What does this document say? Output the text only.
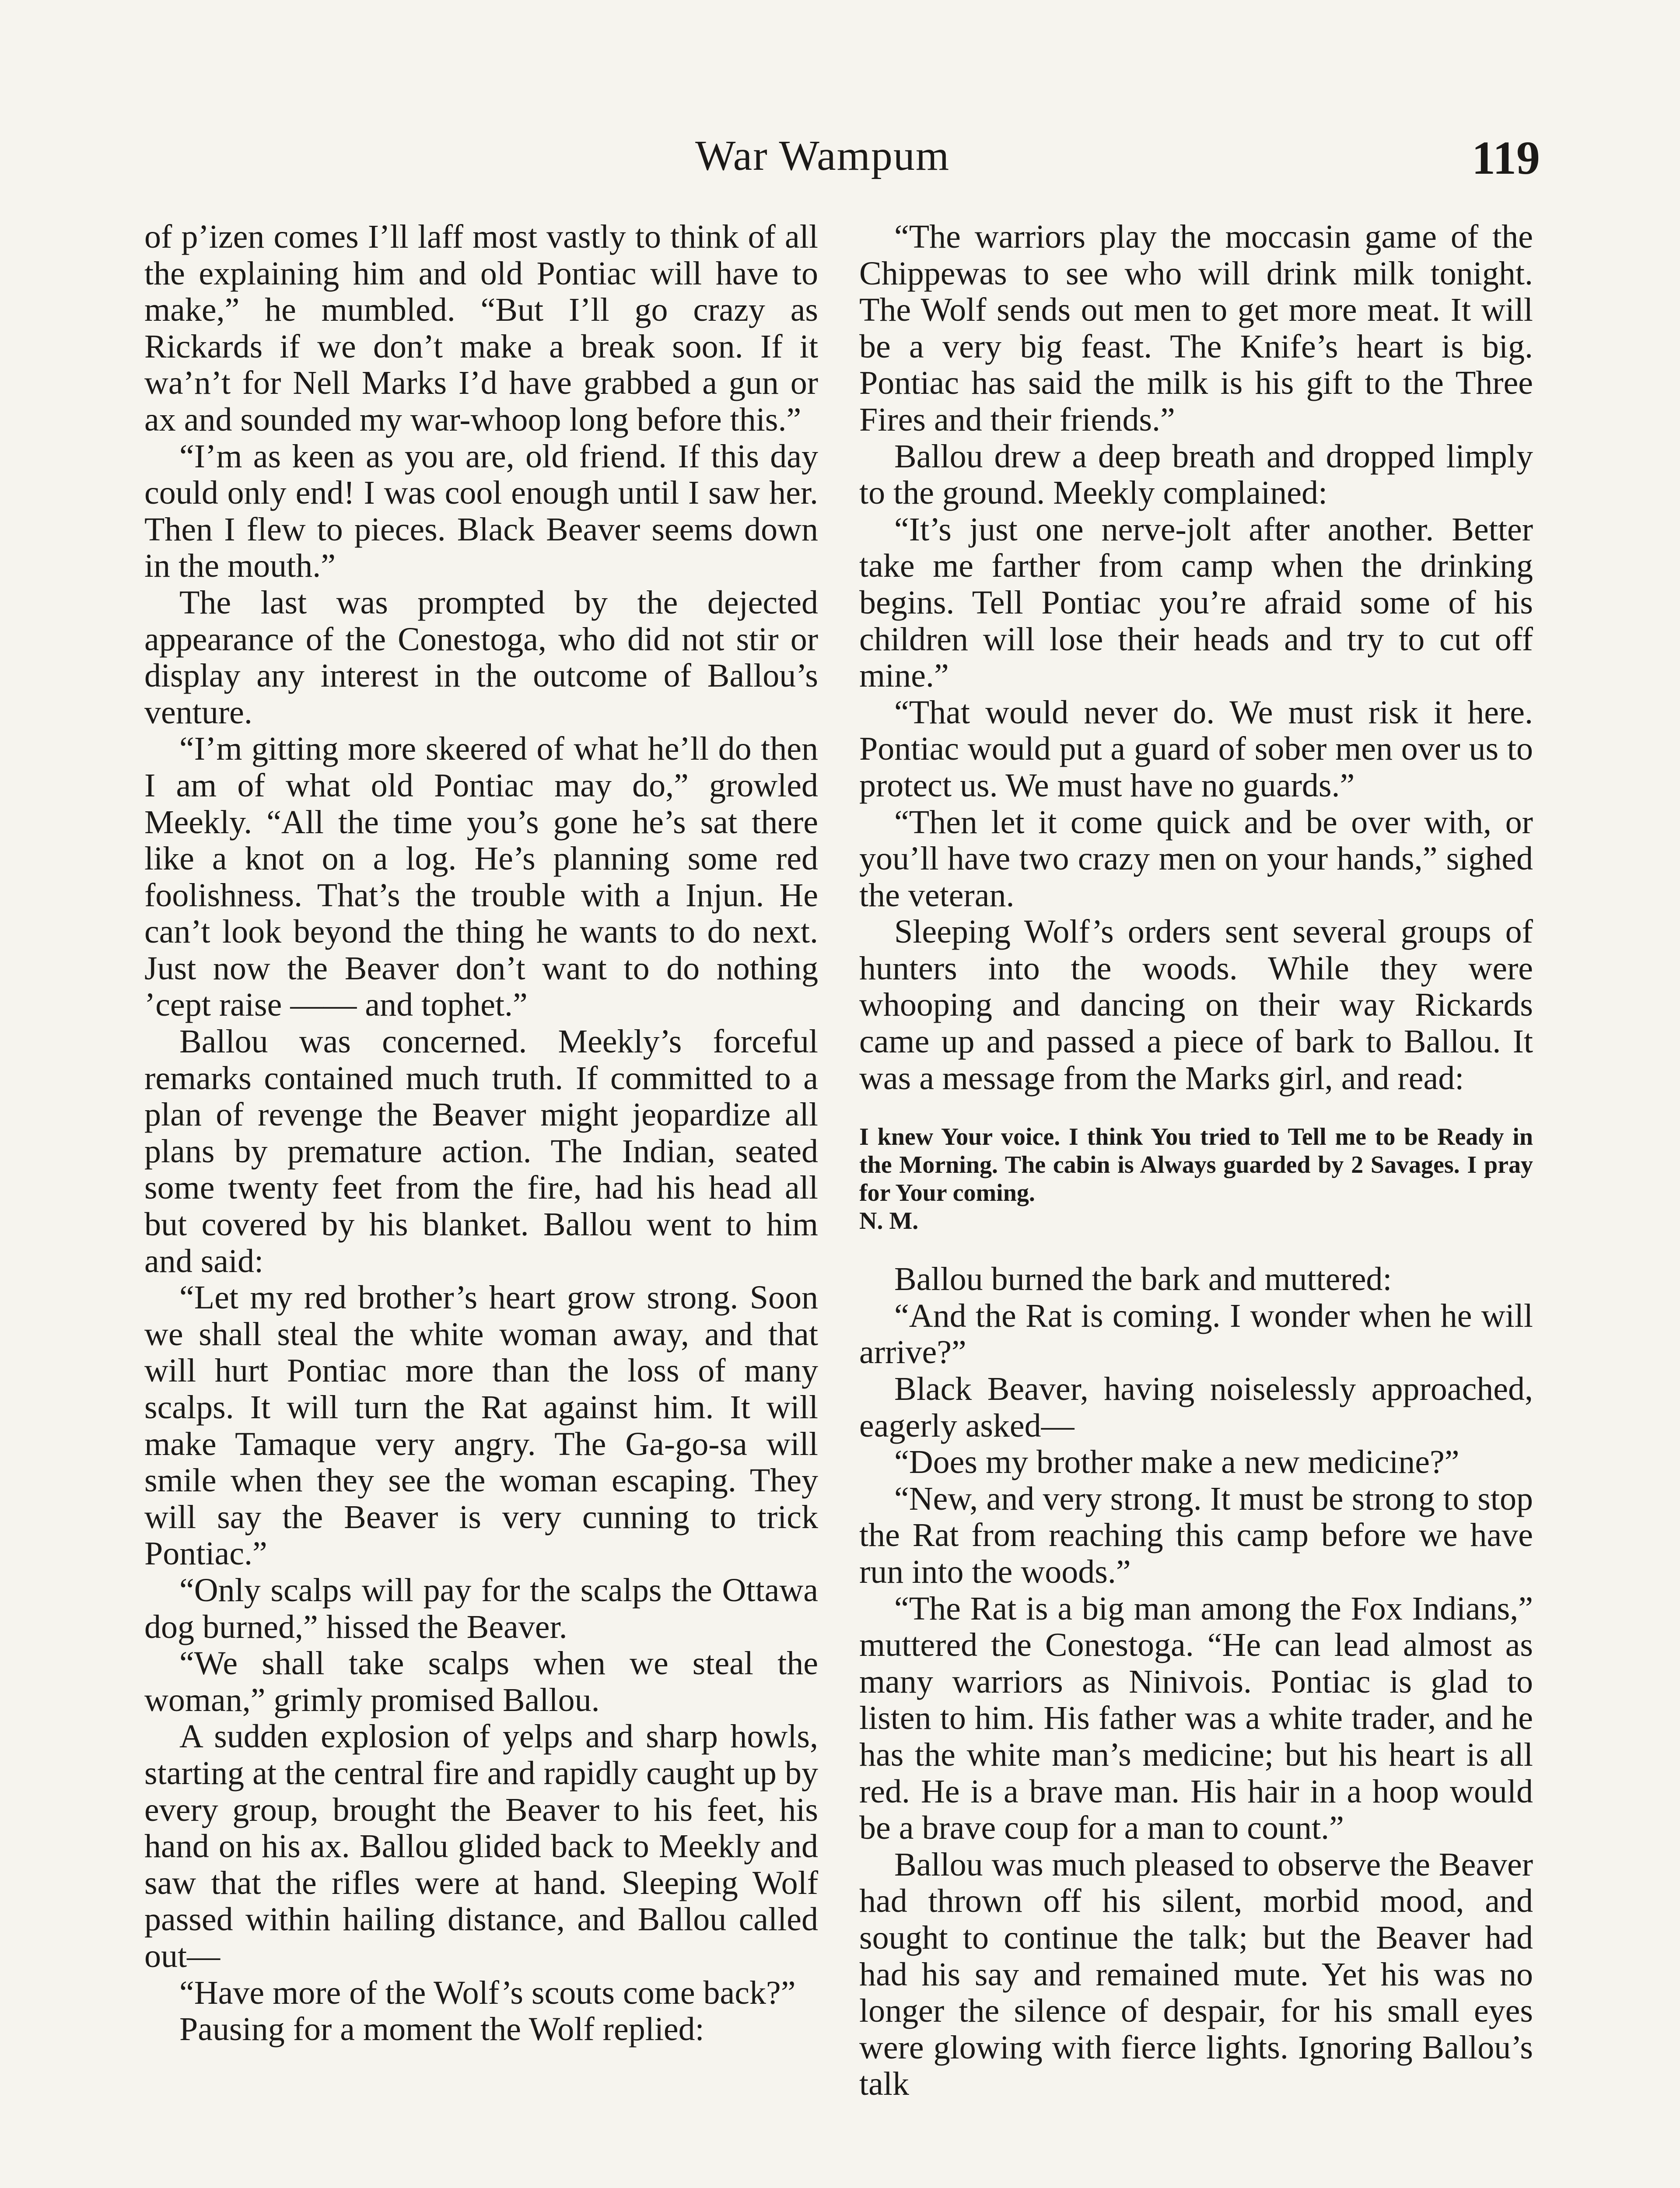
War Wampum	119

of p’izen comes I’ll laff most vastly to think of all the explaining him and old Pontiac will have to make,” he mumbled. “But I’ll go crazy as Rickards if we don’t make a break soon. If it wa’n’t for Nell Marks I’d have grabbed a gun or ax and sounded my war-whoop long before this.”

“I’m as keen as you are, old friend. If this day could only end! I was cool enough until I saw her. Then I flew to pieces. Black Beaver seems down in the mouth.”

The last was prompted by the dejected appearance of the Conestoga, who did not stir or display any interest in the outcome of Ballou’s venture.

“I’m gitting more skeered of what he’ll do then I am of what old Pontiac may do,” growled Meekly. “All the time you’s gone he’s sat there like a knot on a log. He’s planning some red foolishness. That’s the trouble with a Injun. He can’t look beyond the thing he wants to do next. Just now the Beaver don’t want to do nothing ’cept raise —— and tophet.”

Ballou was concerned. Meekly’s forceful remarks contained much truth. If committed to a plan of revenge the Beaver might jeopardize all plans by premature action. The Indian, seated some twenty feet from the fire, had his head all but covered by his blanket. Ballou went to him and said:

“Let my red brother’s heart grow strong. Soon we shall steal the white woman away, and that will hurt Pontiac more than the loss of many scalps. It will turn the Rat against him. It will make Tamaque very angry. The Ga-go-sa will smile when they see the woman escaping. They will say the Beaver is very cunning to trick Pontiac.”

“Only scalps will pay for the scalps the Ottawa dog burned,” hissed the Beaver.

“We shall take scalps when we steal the woman,” grimly promised Ballou.

A sudden explosion of yelps and sharp howls, starting at the central fire and rapidly caught up by every group, brought the Beaver to his feet, his hand on his ax. Ballou glided back to Meekly and saw that the rifles were at hand. Sleeping Wolf passed within hailing distance, and Ballou called out—

“Have more of the Wolf’s scouts come back?”

Pausing for a moment the Wolf replied:

“The warriors play the moccasin game of the Chippewas to see who will drink milk tonight. The Wolf sends out men to get more meat. It will be a very big feast. The Knife’s heart is big. Pontiac has said the milk is his gift to the Three Fires and their friends.”

Ballou drew a deep breath and dropped limply to the ground. Meekly complained:

“It’s just one nerve-jolt after another. Better take me farther from camp when the drinking begins. Tell Pontiac you’re afraid some of his children will lose their heads and try to cut off mine.”

“That would never do. We must risk it here. Pontiac would put a guard of sober men over us to protect us. We must have no guards.”

“Then let it come quick and be over with, or you’ll have two crazy men on your hands,” sighed the veteran.

Sleeping Wolf’s orders sent several groups of hunters into the woods. While they were whooping and dancing on their way Rickards came up and passed a piece of bark to Ballou. It was a message from the Marks girl, and read:

I knew Your voice. I think You tried to Tell me to be Ready in the Morning. The cabin is Always guarded by 2 Savages. I pray for Your coming.
N. M.

Ballou burned the bark and muttered:

“And the Rat is coming. I wonder when he will arrive?”

Black Beaver, having noiselessly approached, eagerly asked—

“Does my brother make a new medicine?”

“New, and very strong. It must be strong to stop the Rat from reaching this camp before we have run into the woods.”

“The Rat is a big man among the Fox Indians,” muttered the Conestoga. “He can lead almost as many warriors as Ninivois. Pontiac is glad to listen to him. His father was a white trader, and he has the white man’s medicine; but his heart is all red. He is a brave man. His hair in a hoop would be a brave coup for a man to count.”

Ballou was much pleased to observe the Beaver had thrown off his silent, morbid mood, and sought to continue the talk; but the Beaver had had his say and remained mute. Yet his was no longer the silence of despair, for his small eyes were glowing with fierce lights. Ignoring Ballou’s talk
